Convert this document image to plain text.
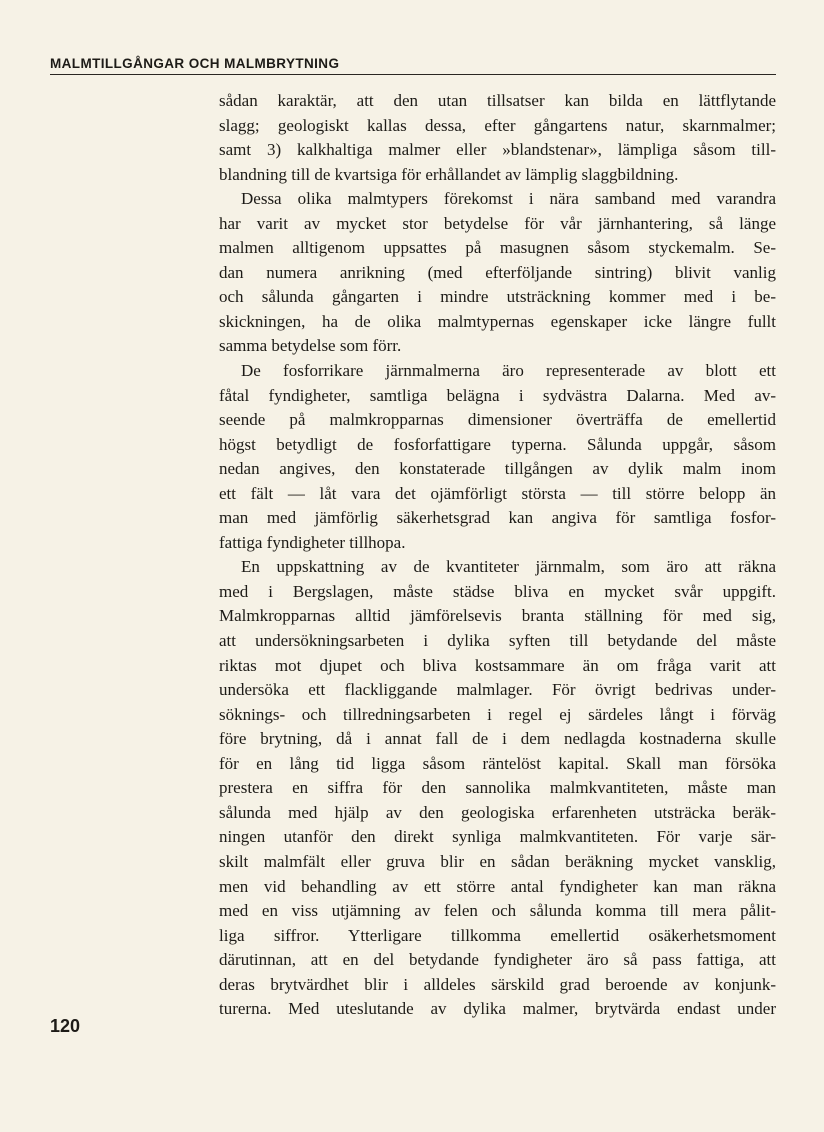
MALMTILLGÅNGAR OCH MALMBRYTNING
120
sådan karaktär, att den utan tillsatser kan bilda en lättflytande
slagg; geologiskt kallas dessa, efter gångartens natur, skarnmalmer;
samt 3) kalkhaltiga malmer eller »blandstenar», lämpliga såsom till-
blandning till de kvartsiga för erhållandet av lämplig slaggbildning.
Dessa olika malmtypers förekomst i nära samband med varandra
har varit av mycket stor betydelse för vår järnhantering, så länge
malmen alltigenom uppsattes på masugnen såsom styckemalm. Se-
dan numera anrikning (med efterföljande sintring) blivit vanlig
och sålunda gångarten i mindre utsträckning kommer med i be-
skickningen, ha de olika malmtypernas egenskaper icke längre fullt
samma betydelse som förr.
De fosforrikare järnmalmerna äro representerade av blott ett
fåtal fyndigheter, samtliga belägna i sydvästra Dalarna. Med av-
seende på malmkropparnas dimensioner överträffa de emellertid
högst betydligt de fosforfattigare typerna. Sålunda uppgår, såsom
nedan angives, den konstaterade tillgången av dylik malm inom
ett fält — låt vara det ojämförligt största — till större belopp än
man med jämförlig säkerhetsgrad kan angiva för samtliga fosfor-
fattiga fyndigheter tillhopa.
En uppskattning av de kvantiteter järnmalm, som äro att räkna
med i Bergslagen, måste städse bliva en mycket svår uppgift.
Malmkropparnas alltid jämförelsevis branta ställning för med sig,
att undersökningsarbeten i dylika syften till betydande del måste
riktas mot djupet och bliva kostsammare än om fråga varit att
undersöka ett flackliggande malmlager. För övrigt bedrivas under-
söknings- och tillredningsarbeten i regel ej särdeles långt i förväg
före brytning, då i annat fall de i dem nedlagda kostnaderna skulle
för en lång tid ligga såsom räntelöst kapital. Skall man försöka
prestera en siffra för den sannolika malmkvantiteten, måste man
sålunda med hjälp av den geologiska erfarenheten utsträcka beräk-
ningen utanför den direkt synliga malmkvantiteten. För varje sär-
skilt malmfält eller gruva blir en sådan beräkning mycket vansklig,
men vid behandling av ett större antal fyndigheter kan man räkna
med en viss utjämning av felen och sålunda komma till mera pålit-
liga siffror. Ytterligare tillkomma emellertid osäkerhetsmoment
därutinnan, att en del betydande fyndigheter äro så pass fattiga, att
deras brytvärdhet blir i alldeles särskild grad beroende av konjunk-
turerna. Med uteslutande av dylika malmer, brytvärda endast under
